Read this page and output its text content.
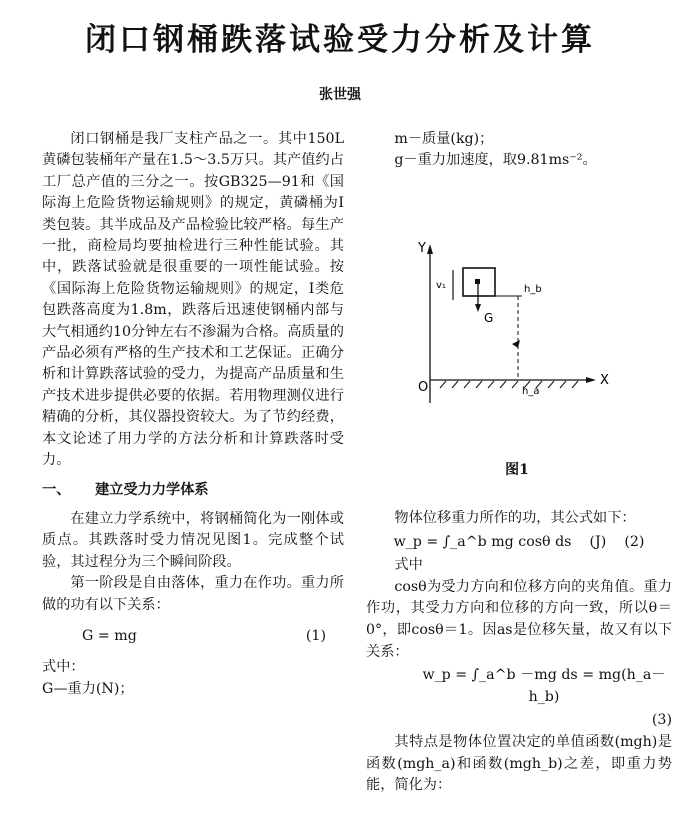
闭口钢桶跌落试验受力分析及计算
张世强

闭口钢桶是我厂支柱产品之一。其中150L黄磷包装桶年产量在1.5～3.5万只。其产值约占工厂总产值的三分之一。按GB325—91和《国际海上危险货物运输规则》的规定，黄磷桶为Ⅰ类包装。其半成品及产品检验比较严格。每生产一批，商检局均要抽检进行三种性能试验。其中，跌落试验就是很重要的一项性能试验。按《国际海上危险货物运输规则》的规定，Ⅰ类危包跌落高度为1.8m，跌落后迅速使钢桶内部与大气相通约10分钟左右不渗漏为合格。高质量的产品必须有严格的生产技术和工艺保证。正确分析和计算跌落试验的受力，为提高产品质量和生产技术进步提供必要的依据。若用物理测仪进行精确的分析，其仪器投资较大。为了节约经费，本文论述了用力学的方法分析和计算跌落时受力。

一、 建立受力力学体系

在建立力学系统中，将钢桶简化为一刚体或质点。其跌落时受力情况见图1。完成整个试验，其过程分为三个瞬间阶段。

第一阶段是自由落体，重力在作功。重力所做的功有以下关系：

G = mg	(1)

式中：

G—重力(N)；

m－质量(kg)；

g－重力加速度，取9.81ms⁻²。

Y
X
O
G
v₁	h_b
h_a
图1

物体位移重力所作的功，其公式如下：

w_p = ∫_a^b mg cosθ ds (J) (2)

式中

cosθ为受力方向和位移方向的夹角值。重力作功，其受力方向和位移的方向一致，所以θ＝0°，即cosθ＝1。因as是位移矢量，故又有以下关系：

w_p = ∫_a^b －mg ds = mg(h_a－h_b)
(3)

其特点是物体位置决定的单值函数(mgh)是函数(mgh_a)和函数(mgh_b)之差，即重力势能，简化为：
